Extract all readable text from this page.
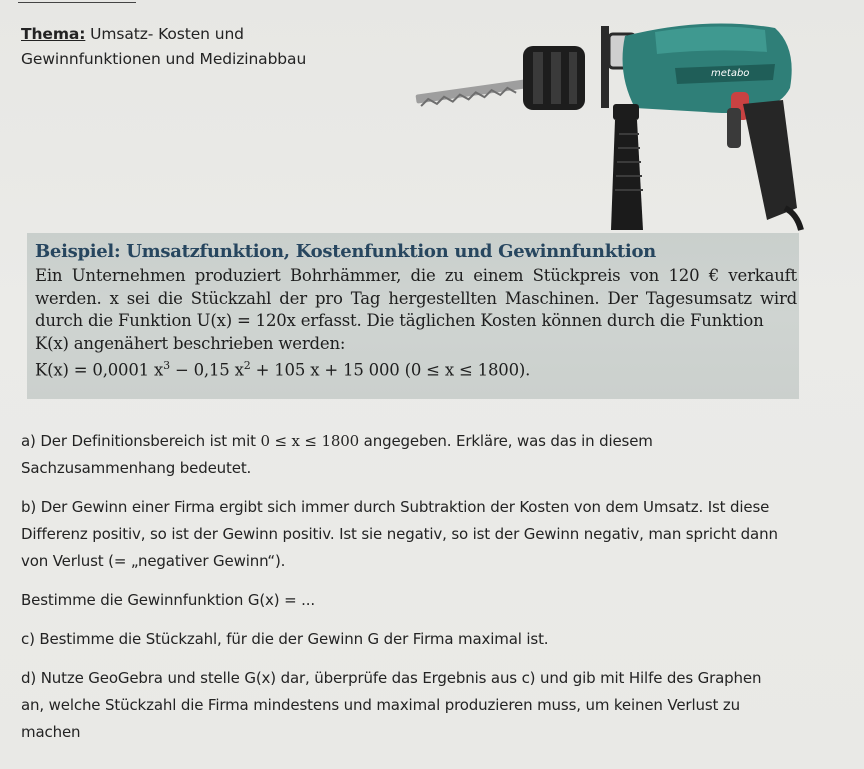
Thema: Umsatz- Kosten und
Gewinnfunktionen und Medizinabbau
metabo
Beispiel: Umsatzfunktion, Kostenfunktion und Gewinnfunktion
Ein Unternehmen produziert Bohrhämmer, die zu einem Stückpreis von 120 € verkauft
werden. x sei die Stückzahl der pro Tag hergestellten Maschinen. Der Tagesumsatz wird
durch die Funktion U(x) = 120x erfasst. Die täglichen Kosten können durch die Funktion
K(x) angenähert beschrieben werden:
K(x) = 0,0001 $x^3 - 0,15$ $x^2 + 105$ x + 15 000 (0 ≤ x ≤ 1800).

a) Der Definitionsbereich ist mit 0 ≤ x ≤ 1800 angegeben. Erkläre, was das in diesem

Sachzusammenhang bedeutet.

b) Der Gewinn einer Firma ergibt sich immer durch Subtraktion der Kosten von dem Umsatz. Ist diese

Differenz positiv, so ist der Gewinn positiv. Ist sie negativ, so ist der Gewinn negativ, man spricht dann

von Verlust (= „negativer Gewinn“).

Bestimme die Gewinnfunktion G(x) = ...

c) Bestimme die Stückzahl, für die der Gewinn G der Firma maximal ist.

d) Nutze GeoGebra und stelle G(x) dar, überprüfe das Ergebnis aus c) und gib mit Hilfe des Graphen

an, welche Stückzahl die Firma mindestens und maximal produzieren muss, um keinen Verlust zu

machen
